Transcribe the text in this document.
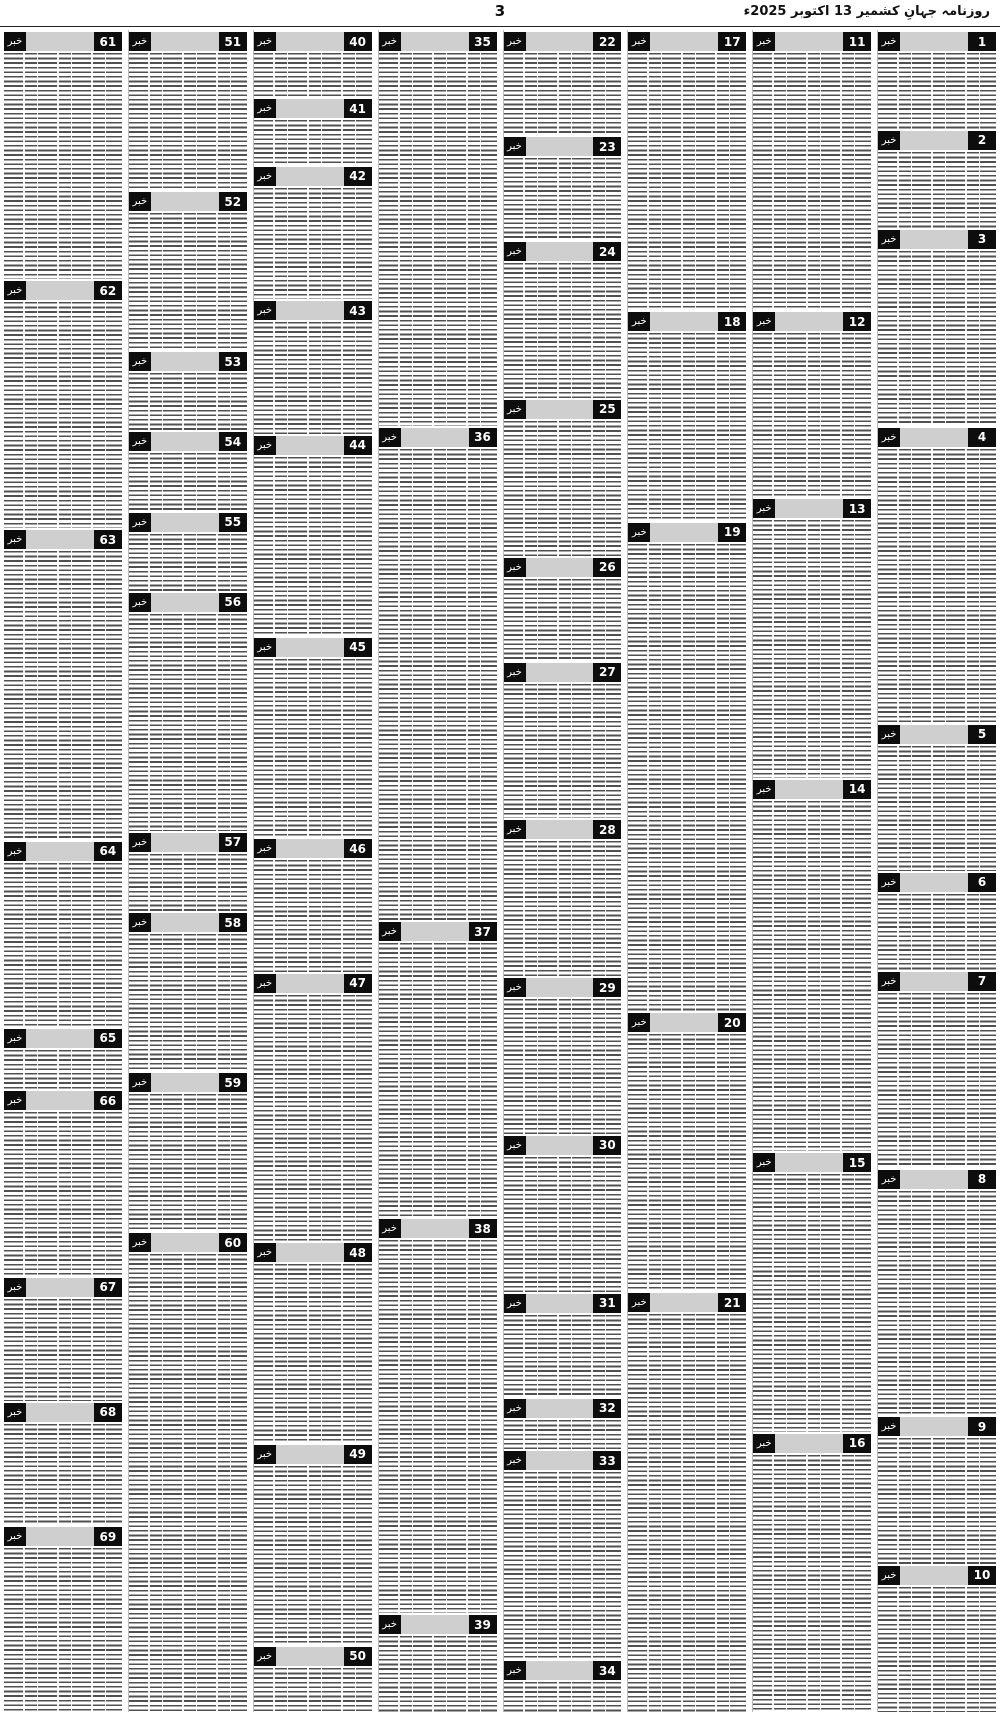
3	روزنامہ جہانِ کشمیر 13 اکتوبر 2025ء
خبر	1
خبر	2
خبر	3
خبر	4
خبر	5
خبر	6
خبر	7
خبر	8
خبر	9
خبر	10
خبر	11
خبر	12
خبر	13
خبر	14
خبر	15
خبر	16
خبر	17
خبر	18
خبر	19
خبر	20
خبر	21
خبر	22
خبر	23
خبر	24
خبر	25
خبر	26
خبر	27
خبر	28
خبر	29
خبر	30
خبر	31
خبر	32
خبر	33
خبر	34
خبر	35
خبر	36
خبر	37
خبر	38
خبر	39
خبر	40
خبر	41
خبر	42
خبر	43
خبر	44
خبر	45
خبر	46
خبر	47
خبر	48
خبر	49
خبر	50
خبر	51
خبر	52
خبر	53
خبر	54
خبر	55
خبر	56
خبر	57
خبر	58
خبر	59
خبر	60
خبر	61
خبر	62
خبر	63
خبر	64
خبر	65
خبر	66
خبر	67
خبر	68
خبر	69
